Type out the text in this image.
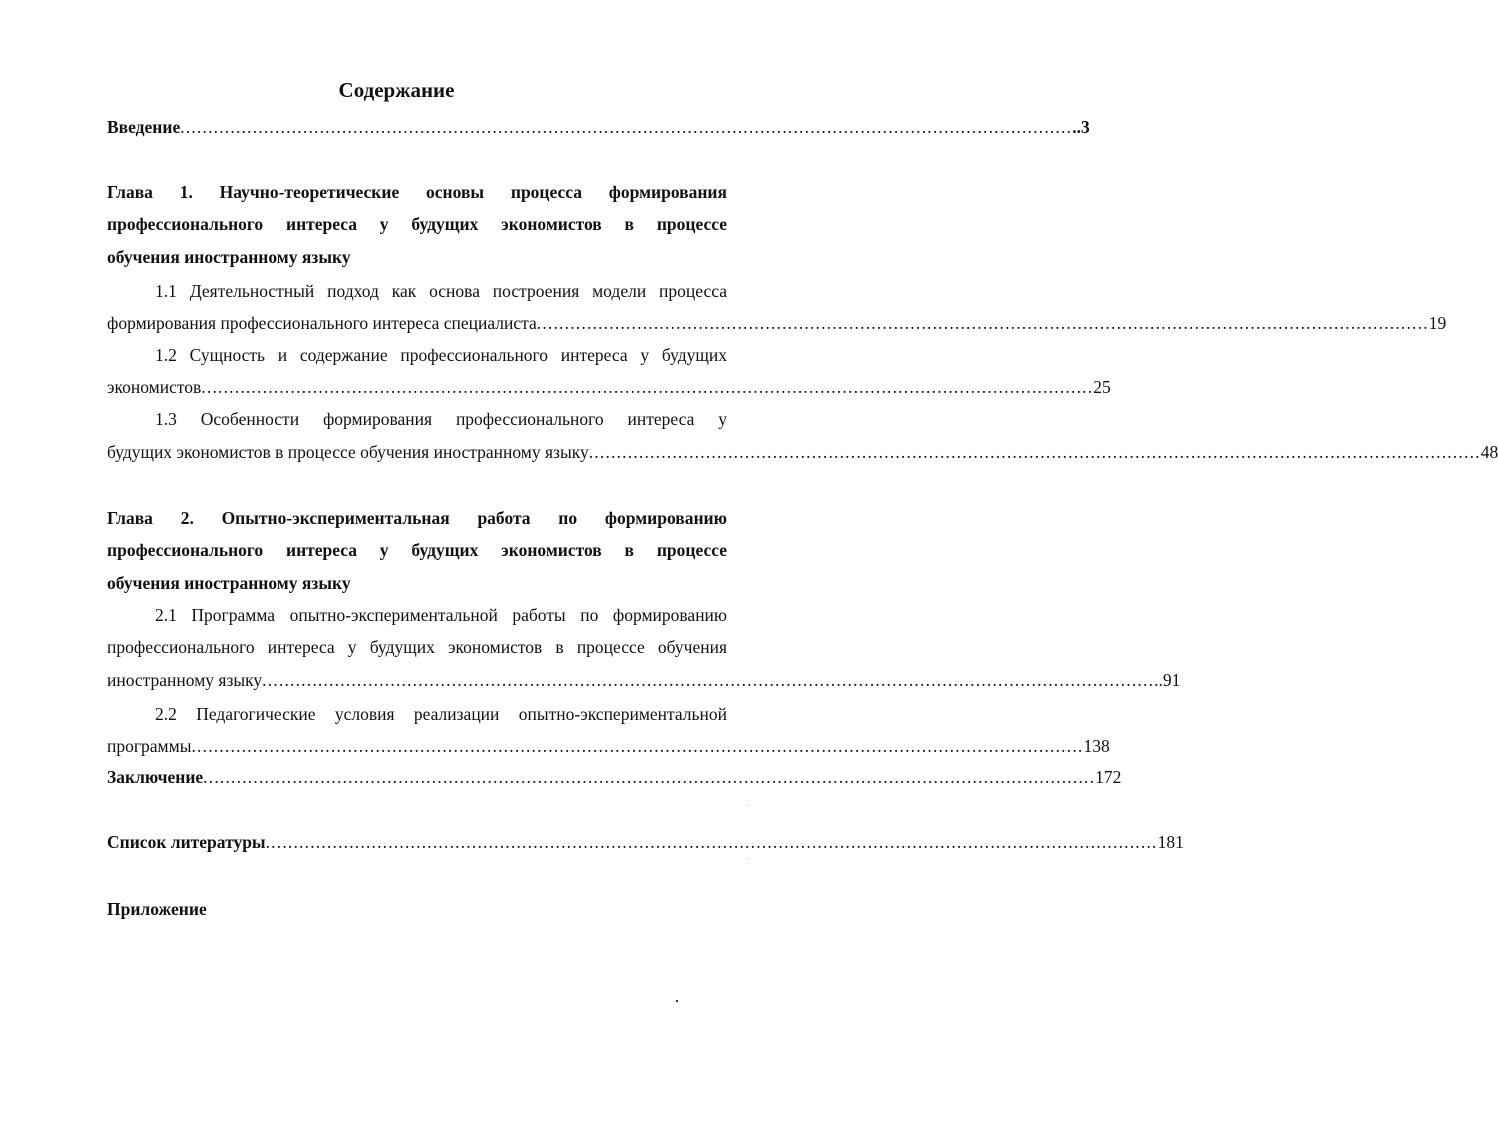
Содержание
Введение ................................................................................................................................................................ ..3
Глава 1. Научно-теоретические основы процесса формирования
профессионального интереса у будущих экономистов в процессе
обучения иностранному языку
1.1 Деятельностный подход как основа построения модели процесса
формирования профессионального интереса специалиста ................................................................................................................................................................ 19
1.2 Сущность и содержание профессионального интереса у будущих
экономистов ................................................................................................................................................................ 25
1.3 Особенности формирования профессионального интереса у
будущих экономистов в процессе обучения иностранному языку ................................................................................................................................................................ 48
Глава 2. Опытно-экспериментальная работа по формированию
профессионального интереса у будущих экономистов в процессе
обучения иностранному языку
2.1 Программа опытно-экспериментальной работы по формированию
профессионального интереса у будущих экономистов в процессе обучения
иностранному языку ................................................................................................................................................................ ..91
2.2 Педагогические условия реализации опытно-экспериментальной
программы ................................................................................................................................................................ 138
Заключение ................................................................................................................................................................ 172
Список литературы ................................................................................................................................................................ 181
Приложение
